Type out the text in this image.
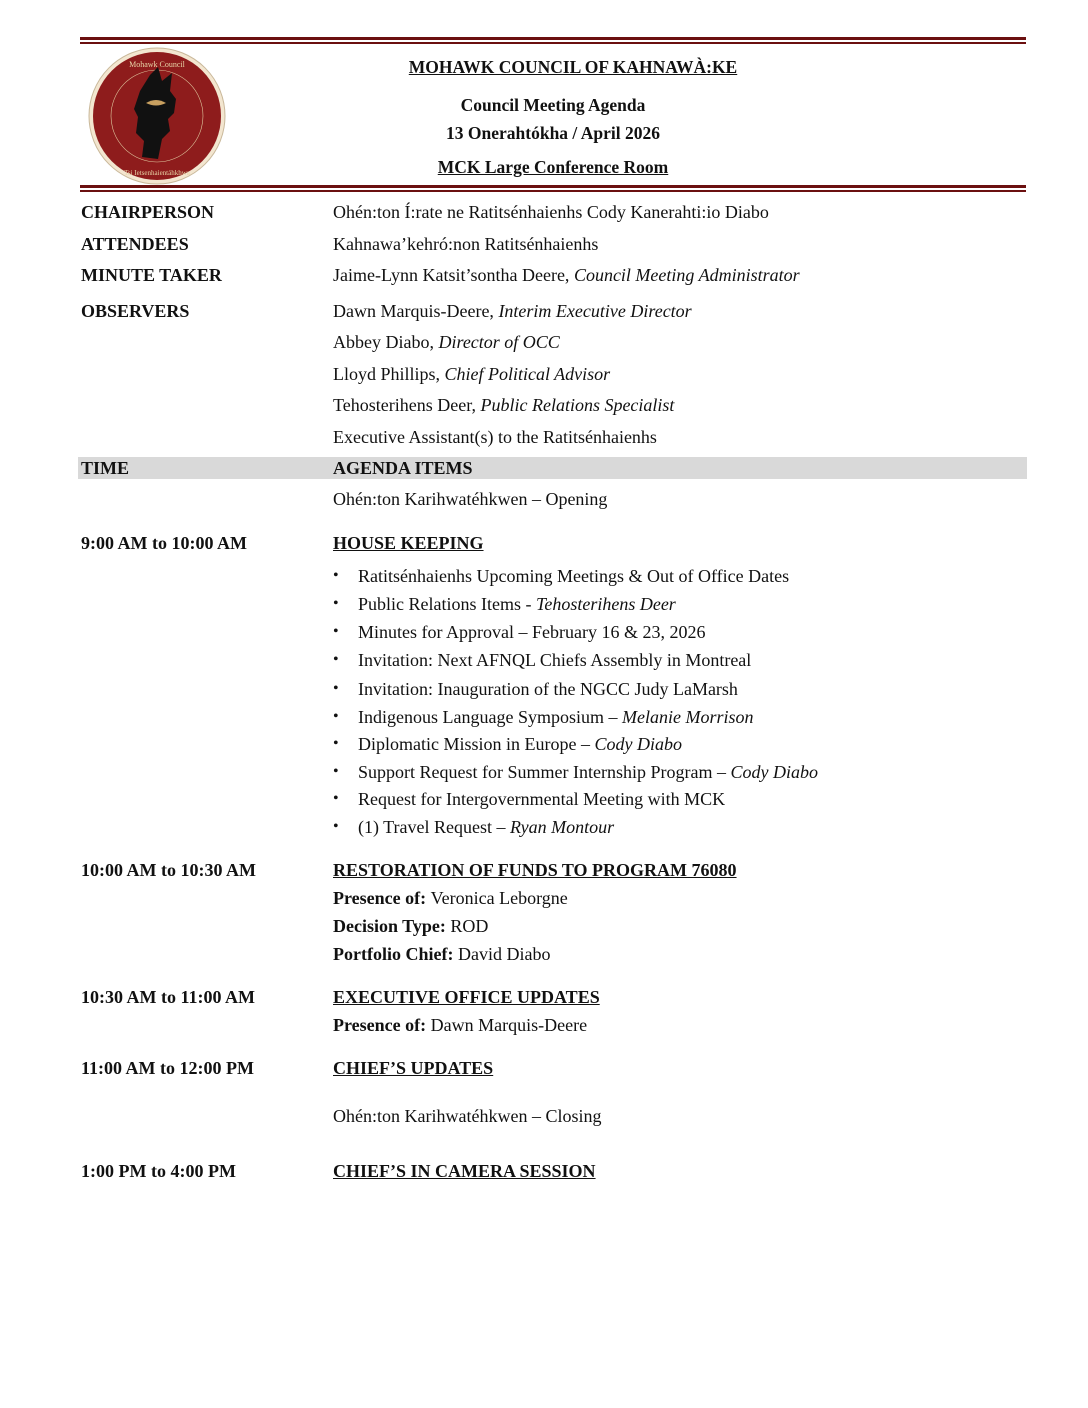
Mohawk Council
Tsi Ietsenhaientáhkhwa
MOHAWK COUNCIL OF KAHNAWÀ:KE
Council Meeting Agenda
13 Onerahtókha / April 2026
MCK Large Conference Room
CHAIRPERSON	Ohén:ton Í:rate ne Ratitsénhaienhs Cody Kanerahti:io Diabo
ATTENDEES	Kahnawa’kehró:non Ratitsénhaienhs
MINUTE TAKER	Jaime-Lynn Katsit’sontha Deere, Council Meeting Administrator
OBSERVERS	Dawn Marquis-Deere, Interim Executive Director
Abbey Diabo, Director of OCC
Lloyd Phillips, Chief Political Advisor
Tehosterihens Deer, Public Relations Specialist
Executive Assistant(s) to the Ratitsénhaienhs
TIME	AGENDA ITEMS
Ohén:ton Karihwatéhkwen – Opening
9:00 AM to 10:00 AM	HOUSE KEEPING
• Ratitsénhaienhs Upcoming Meetings & Out of Office Dates
• Public Relations Items - Tehosterihens Deer
• Minutes for Approval – February 16 & 23, 2026
• Invitation: Next AFNQL Chiefs Assembly in Montreal
• Invitation: Inauguration of the NGCC Judy LaMarsh
• Indigenous Language Symposium – Melanie Morrison
• Diplomatic Mission in Europe – Cody Diabo
• Support Request for Summer Internship Program – Cody Diabo
• Request for Intergovernmental Meeting with MCK
• (1) Travel Request – Ryan Montour
10:00 AM to 10:30 AM	RESTORATION OF FUNDS TO PROGRAM 76080
Presence of: Veronica Leborgne
Decision Type: ROD
Portfolio Chief: David Diabo
10:30 AM to 11:00 AM	EXECUTIVE OFFICE UPDATES
Presence of: Dawn Marquis-Deere
11:00 AM to 12:00 PM	CHIEF’S UPDATES
Ohén:ton Karihwatéhkwen – Closing
1:00 PM to 4:00 PM	CHIEF’S IN CAMERA SESSION
